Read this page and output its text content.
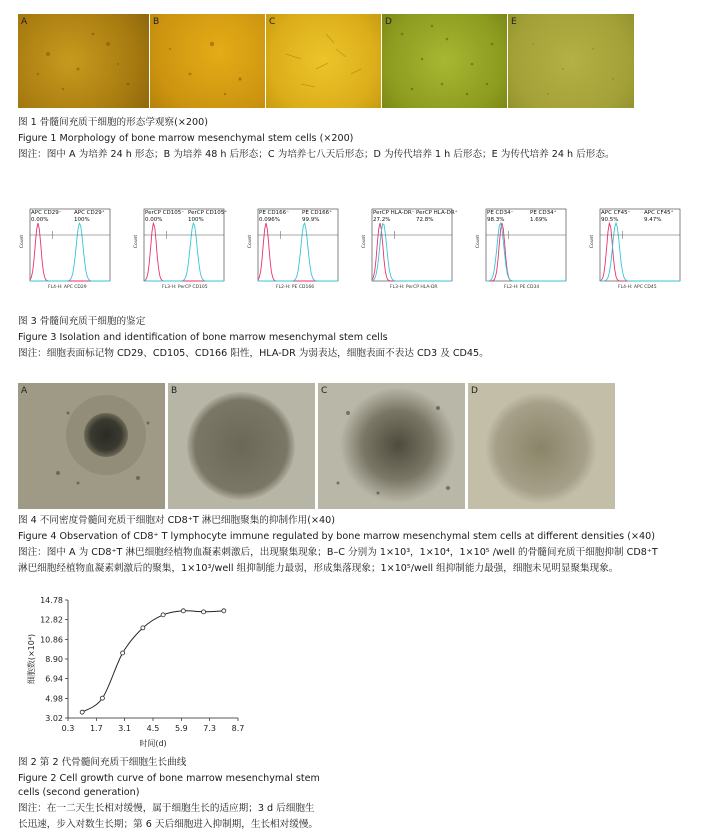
A	B	C	D	E
图 1 骨髓间充质干细胞的形态学观察(×200)
Figure 1 Morphology of bone marrow mesenchymal stem cells (×200)
图注：图中 A 为培养 24 h 形态；B 为培养 48 h 后形态；C 为培养七八天后形态；D 为传代培养 1 h 后形态；E 为传代培养 24 h 后形态。
APC CD29⁻
0.00%
APC CD29⁺
100%
FL4-H: APC CD29
Count
PerCP CD105⁻
0.00%
PerCP CD105⁺
100%
FL3-H: PerCP CD105
Count
PE CD166⁻
0.096%
PE CD166⁺
99.9%
FL2-H: PE CD166
Count
PerCP HLA-DR⁻
27.2%
PerCP HLA-DR⁺
72.8%
FL3-H: PerCP HLA-DR
Count
PE CD34⁻
98.3%
PE CD34⁺
1.69%
FL2-H: PE CD34
Count
APC CF45⁻
90.5%
APC CF45⁺
9.47%
FL4-H: APC CD45
Count
图 3 骨髓间充质干细胞的鉴定
Figure 3 Isolation and identification of bone marrow mesenchymal stem cells
图注：细胞表面标记物 CD29、CD105、CD166 阳性，HLA-DR 为弱表达，细胞表面不表达 CD3 及 CD45。
A	B	C	D
图 4 不同密度骨髓间充质干细胞对 CD8⁺T 淋巴细胞聚集的抑制作用(×40)
Figure 4 Observation of CD8⁺ T lymphocyte immune regulated by bone marrow mesenchymal stem cells at different densities (×40)
图注：图中 A 为 CD8⁺T 淋巴细胞经植物血凝素刺激后，出现聚集现象；B–C 分别为 1×10³，1×10⁴，1×10⁵ /well 的骨髓间充质干细胞抑制 CD8⁺T
淋巴细胞经植物血凝素刺激后的聚集，1×10³/well 组抑制能力最弱，形成集落现象；1×10⁵/well 组抑制能力最强，细胞未见明显聚集现象。
3.02
4.98
6.94
8.90
10.86
12.82
14.78
0.3 1.7 3.1 4.5 5.9 7.3 8.7
时间(d)
细胞数(×10⁴)
图 2 第 2 代骨髓间充质干细胞生长曲线
Figure 2 Cell growth curve of bone marrow mesenchymal stem
cells (second generation)
图注：在一二天生长相对缓慢，属于细胞生长的适应期；3 d 后细胞生
长迅速，步入对数生长期；第 6 天后细胞进入抑制期，生长相对缓慢。
